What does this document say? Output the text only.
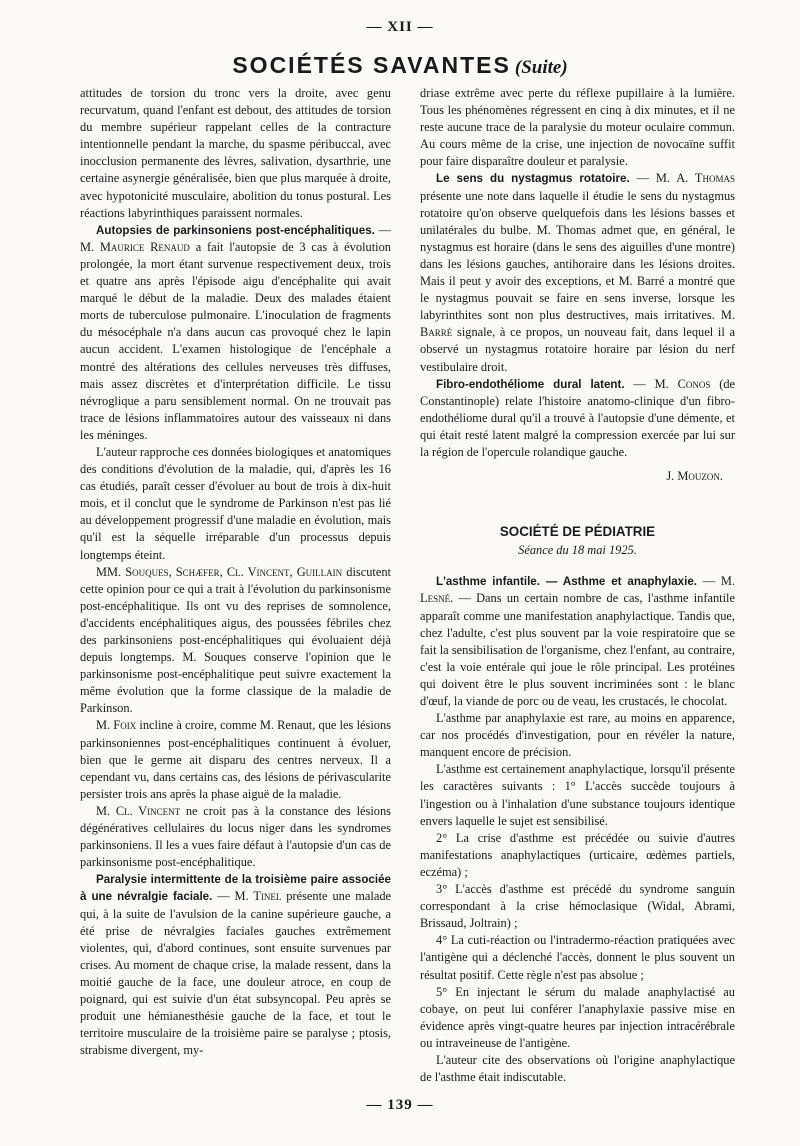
— XII —
SOCIÉTÉS SAVANTES (Suite)

attitudes de torsion du tronc vers la droite, avec genu recurvatum, quand l'enfant est debout, des attitudes de torsion du membre supérieur rappelant celles de la contracture intentionnelle pendant la marche, du spasme péribuccal, avec inocclusion permanente des lèvres, salivation, dysarthrie, une certaine asynergie généralisée, bien que plus marquée à droite, avec hypotonicité musculaire, abolition du tonus postural. Les réactions labyrinthiques paraissent normales.

Autopsies de parkinsoniens post-encéphalitiques. — M. Maurice Renaud a fait l'autopsie de 3 cas à évolution prolongée, la mort étant survenue respectivement deux, trois et quatre ans après l'épisode aigu d'encéphalite qui avait marqué le début de la maladie. Deux des malades étaient morts de tuberculose pulmonaire. L'inoculation de fragments du mésocéphale n'a dans aucun cas provoqué chez le lapin aucun accident. L'examen histologique de l'encéphale a montré des altérations des cellules nerveuses très diffuses, mais assez discrètes et d'interprétation difficile. Le tissu névroglique a paru sensiblement normal. On ne trouvait pas trace de lésions inflammatoires autour des vaisseaux ni dans les méninges.

L'auteur rapproche ces données biologiques et anatomiques des conditions d'évolution de la maladie, qui, d'après les 16 cas étudiés, paraît cesser d'évoluer au bout de trois à dix-huit mois, et il conclut que le syndrome de Parkinson n'est pas lié au développement progressif d'une maladie en évolution, mais qu'il est la séquelle irréparable d'un processus depuis longtemps éteint.

MM. Souques, Schæfer, Cl. Vincent, Guillain discutent cette opinion pour ce qui a trait à l'évolution du parkinsonisme post-encéphalitique. Ils ont vu des reprises de somnolence, d'accidents encéphalitiques aigus, des poussées fébriles chez des parkinsoniens post-encéphalitiques qui évoluaient déjà depuis longtemps. M. Souques conserve l'opinion que le parkinsonisme post-encéphalitique peut suivre exactement la même évolution que la forme classique de la maladie de Parkinson.

M. Foix incline à croire, comme M. Renaut, que les lésions parkinsoniennes post-encéphalitiques continuent à évoluer, bien que le germe ait disparu des centres nerveux. Il a cependant vu, dans certains cas, des lésions de périvascularite persister trois ans après la phase aiguë de la maladie.

M. Cl. Vincent ne croit pas à la constance des lésions dégénératives cellulaires du locus niger dans les syndromes parkinsoniens. Il les a vues faire défaut à l'autopsie d'un cas de parkinsonisme post-encéphalitique.

Paralysie intermittente de la troisième paire associée à une névralgie faciale. — M. Tinel présente une malade qui, à la suite de l'avulsion de la canine supérieure gauche, a été prise de névralgies faciales gauches extrêmement violentes, qui, d'abord continues, sont ensuite survenues par crises. Au moment de chaque crise, la malade ressent, dans la moitié gauche de la face, une douleur atroce, en coup de poignard, qui est suivie d'un état subsyncopal. Peu après se produit une hémianesthésie gauche de la face, et tout le territoire musculaire de la troisième paire se paralyse ; ptosis, strabisme divergent, my-

driase extrême avec perte du réflexe pupillaire à la lumière. Tous les phénomènes régressent en cinq à dix minutes, et il ne reste aucune trace de la paralysie du moteur oculaire commun. Au cours même de la crise, une injection de novocaïne suffit pour faire disparaître douleur et paralysie.

Le sens du nystagmus rotatoire. — M. A. Thomas présente une note dans laquelle il étudie le sens du nystagmus rotatoire qu'on observe quelquefois dans les lésions basses et unilatérales du bulbe. M. Thomas admet que, en général, le nystagmus est horaire (dans le sens des aiguilles d'une montre) dans les lésions gauches, antihoraire dans les lésions droites. Mais il peut y avoir des exceptions, et M. Barré a montré que le nystagmus pouvait se faire en sens inverse, lorsque les labyrinthites sont non plus destructives, mais irritatives. M. Barré signale, à ce propos, un nouveau fait, dans lequel il a observé un nystagmus rotatoire horaire par lésion du nerf vestibulaire droit.

Fibro-endothéliome dural latent. — M. Conos (de Constantinople) relate l'histoire anatomo-clinique d'un fibro-endothéliome dural qu'il a trouvé à l'autopsie d'une démente, et qui était resté latent malgré la compression exercée par lui sur la région de l'opercule rolandique gauche.

J. Mouzon.

SOCIÉTÉ DE PÉDIATRIE

Séance du 18 mai 1925.

L'asthme infantile. — Asthme et anaphylaxie. — M. Lesné. — Dans un certain nombre de cas, l'asthme infantile apparaît comme une manifestation anaphylactique. Tandis que, chez l'adulte, c'est plus souvent par la voie respiratoire que se fait la sensibilisation de l'organisme, chez l'enfant, au contraire, c'est la voie entérale qui joue le rôle principal. Les protéines qui doivent être le plus souvent incriminées sont : le blanc d'œuf, la viande de porc ou de veau, les crustacés, le chocolat.

L'asthme par anaphylaxie est rare, au moins en apparence, car nos procédés d'investigation, pour en révéler la nature, manquent encore de précision.

L'asthme est certainement anaphylactique, lorsqu'il présente les caractères suivants : 1° L'accès succède toujours à l'ingestion ou à l'inhalation d'une substance toujours identique envers laquelle le sujet est sensibilisé.

2° La crise d'asthme est précédée ou suivie d'autres manifestations anaphylactiques (urticaire, œdèmes partiels, eczéma) ;

3° L'accès d'asthme est précédé du syndrome sanguin correspondant à la crise hémoclasique (Widal, Abrami, Brissaud, Joltrain) ;

4° La cuti-réaction ou l'intradermo-réaction pratiquées avec l'antigène qui a déclenché l'accès, donnent le plus souvent un résultat positif. Cette règle n'est pas absolue ;

5° En injectant le sérum du malade anaphylactisé au cobaye, on peut lui conférer l'anaphylaxie passive mise en évidence après vingt-quatre heures par injection intracérébrale ou intraveineuse de l'antigène.

L'auteur cite des observations où l'origine anaphylactique de l'asthme était indiscutable.

— 139 —
